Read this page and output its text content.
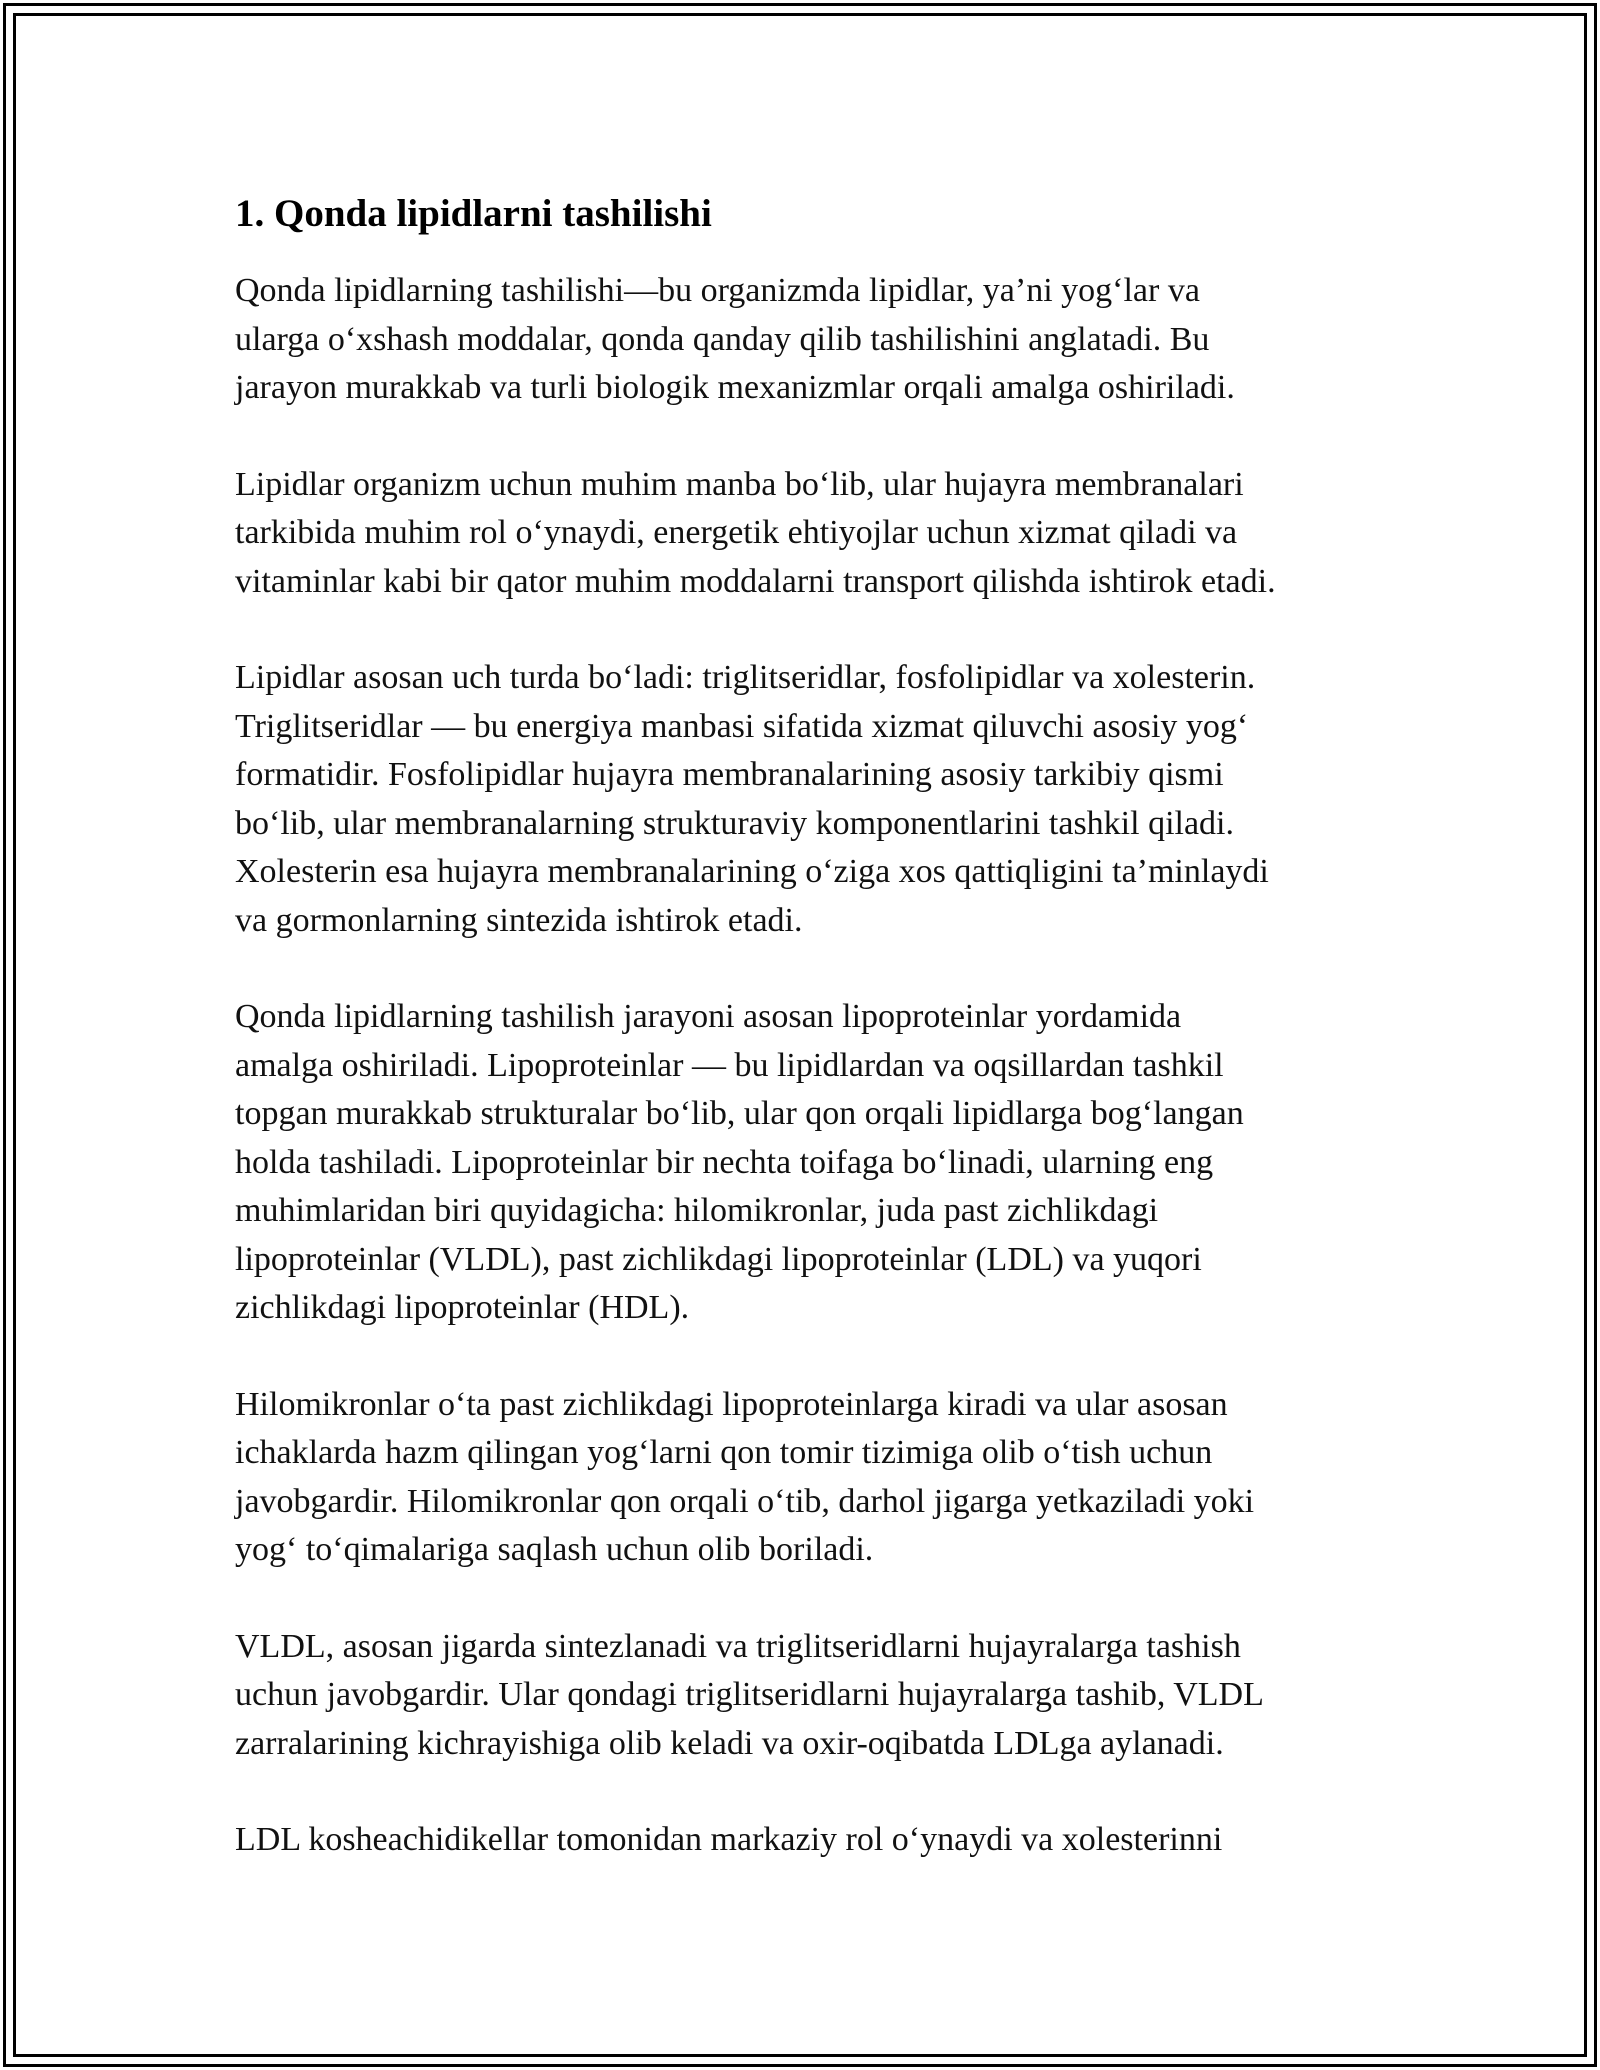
1. Qonda lipidlarni tashilishi

Qonda lipidlarning tashilishi—bu organizmda lipidlar, ya’ni yog‘lar va
ularga o‘xshash moddalar, qonda qanday qilib tashilishini anglatadi. Bu
jarayon murakkab va turli biologik mexanizmlar orqali amalga oshiriladi.

Lipidlar organizm uchun muhim manba bo‘lib, ular hujayra membranalari
tarkibida muhim rol o‘ynaydi, energetik ehtiyojlar uchun xizmat qiladi va
vitaminlar kabi bir qator muhim moddalarni transport qilishda ishtirok etadi.

Lipidlar asosan uch turda bo‘ladi: triglitseridlar, fosfolipidlar va xolesterin.
Triglitseridlar — bu energiya manbasi sifatida xizmat qiluvchi asosiy yog‘
formatidir. Fosfolipidlar hujayra membranalarining asosiy tarkibiy qismi
bo‘lib, ular membranalarning strukturaviy komponentlarini tashkil qiladi.
Xolesterin esa hujayra membranalarining o‘ziga xos qattiqligini ta’minlaydi
va gormonlarning sintezida ishtirok etadi.

Qonda lipidlarning tashilish jarayoni asosan lipoproteinlar yordamida
amalga oshiriladi. Lipoproteinlar — bu lipidlardan va oqsillardan tashkil
topgan murakkab strukturalar bo‘lib, ular qon orqali lipidlarga bog‘langan
holda tashiladi. Lipoproteinlar bir nechta toifaga bo‘linadi, ularning eng
muhimlaridan biri quyidagicha: hilomikronlar, juda past zichlikdagi
lipoproteinlar (VLDL), past zichlikdagi lipoproteinlar (LDL) va yuqori
zichlikdagi lipoproteinlar (HDL).

Hilomikronlar o‘ta past zichlikdagi lipoproteinlarga kiradi va ular asosan
ichaklarda hazm qilingan yog‘larni qon tomir tizimiga olib o‘tish uchun
javobgardir. Hilomikronlar qon orqali o‘tib, darhol jigarga yetkaziladi yoki
yog‘ to‘qimalariga saqlash uchun olib boriladi.

VLDL, asosan jigarda sintezlanadi va triglitseridlarni hujayralarga tashish
uchun javobgardir. Ular qondagi triglitseridlarni hujayralarga tashib, VLDL
zarralarining kichrayishiga olib keladi va oxir-oqibatda LDLga aylanadi.

LDL kosheachidikellar tomonidan markaziy rol o‘ynaydi va xolesterinni
